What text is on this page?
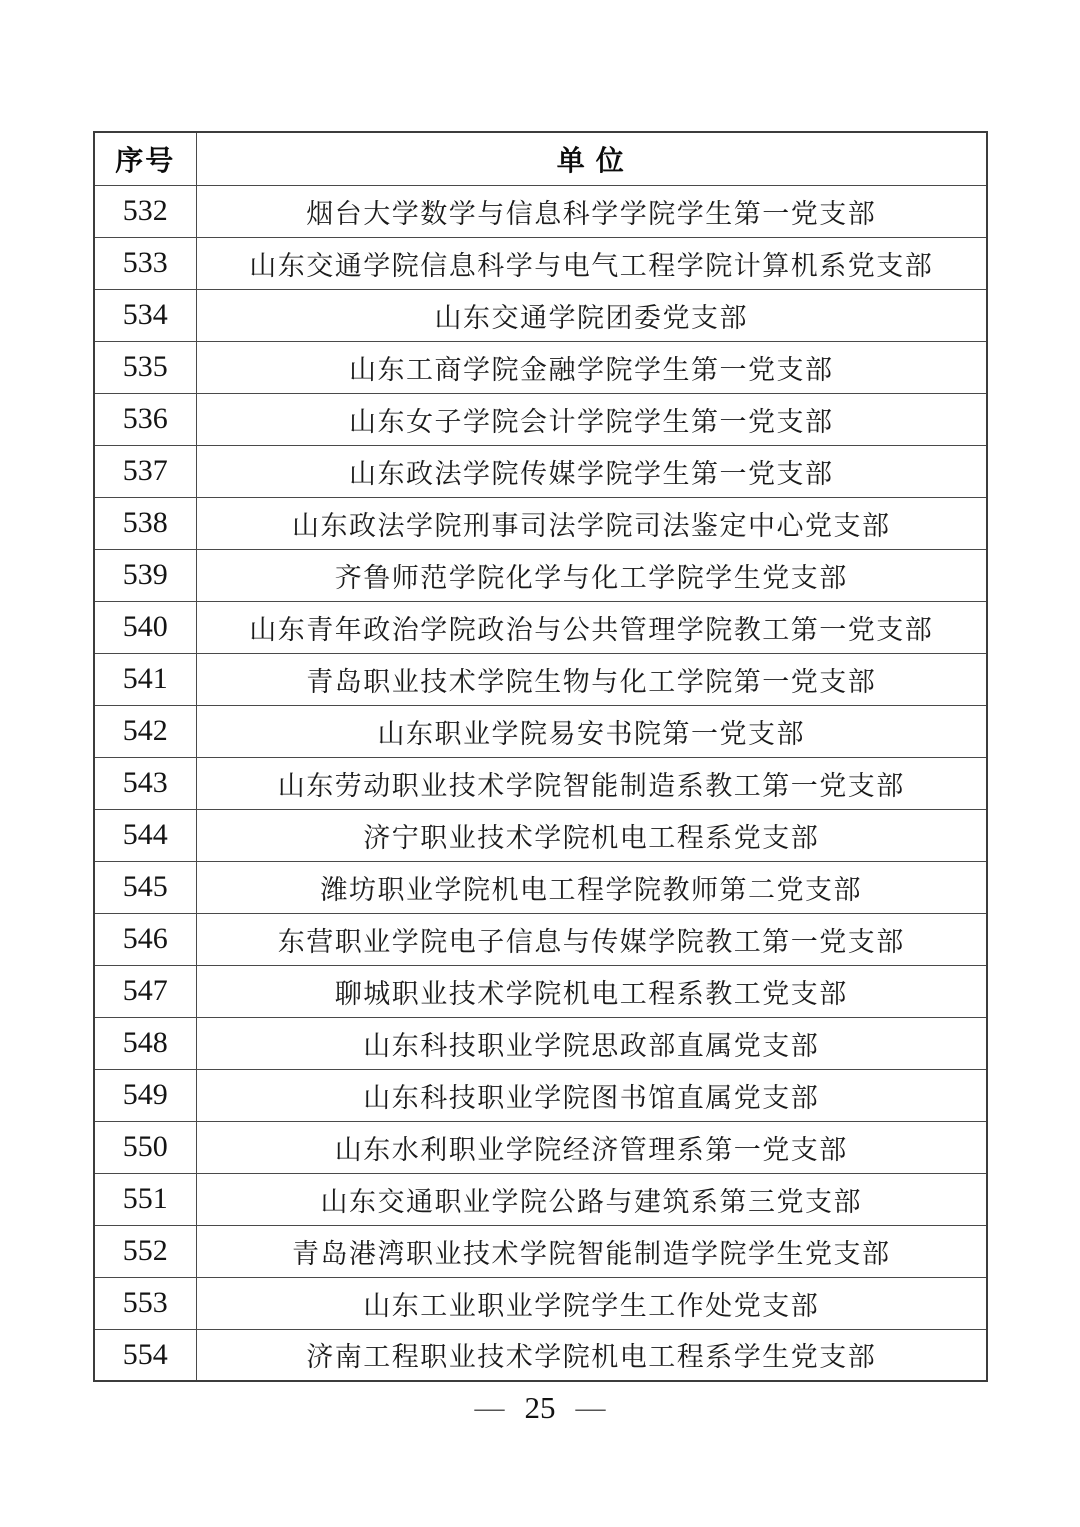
序号	单 位
532	烟台大学数学与信息科学学院学生第一党支部
533	山东交通学院信息科学与电气工程学院计算机系党支部
534	山东交通学院团委党支部
535	山东工商学院金融学院学生第一党支部
536	山东女子学院会计学院学生第一党支部
537	山东政法学院传媒学院学生第一党支部
538	山东政法学院刑事司法学院司法鉴定中心党支部
539	齐鲁师范学院化学与化工学院学生党支部
540	山东青年政治学院政治与公共管理学院教工第一党支部
541	青岛职业技术学院生物与化工学院第一党支部
542	山东职业学院易安书院第一党支部
543	山东劳动职业技术学院智能制造系教工第一党支部
544	济宁职业技术学院机电工程系党支部
545	潍坊职业学院机电工程学院教师第二党支部
546	东营职业学院电子信息与传媒学院教工第一党支部
547	聊城职业技术学院机电工程系教工党支部
548	山东科技职业学院思政部直属党支部
549	山东科技职业学院图书馆直属党支部
550	山东水利职业学院经济管理系第一党支部
551	山东交通职业学院公路与建筑系第三党支部
552	青岛港湾职业技术学院智能制造学院学生党支部
553	山东工业职业学院学生工作处党支部
554	济南工程职业技术学院机电工程系学生党支部
— 25 —
